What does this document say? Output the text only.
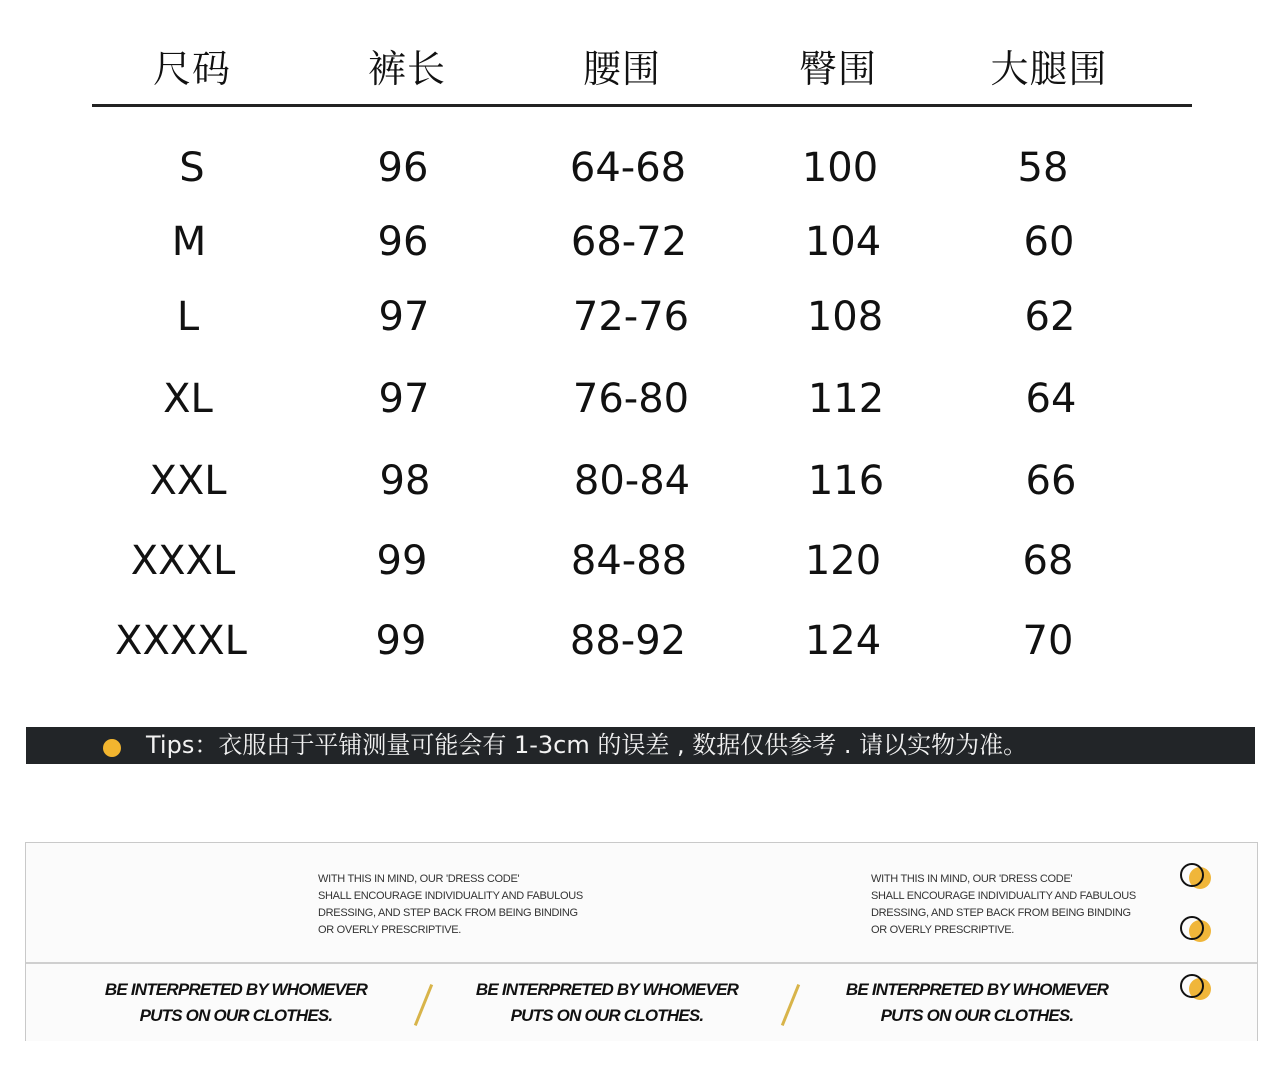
尺码	裤长	腰围	臀围	大腿围
S	96	64-68	100	58
M	96	68-72	104	60
L	97	72-76	108	62
XL	97	76-80	112	64
XXL	98	80-84	116	66
XXXL	99	84-88	120	68
XXXXL	99	88-92	124	70
Tips：衣服由于平铺测量可能会有 1-3cm 的误差 , 数据仅供参考 . 请以实物为准。
WITH THIS IN MIND, OUR 'DRESS CODE'
SHALL ENCOURAGE INDIVIDUALITY AND FABULOUS
DRESSING, AND STEP BACK FROM BEING BINDING
OR OVERLY PRESCRIPTIVE.
WITH THIS IN MIND, OUR 'DRESS CODE'
SHALL ENCOURAGE INDIVIDUALITY AND FABULOUS
DRESSING, AND STEP BACK FROM BEING BINDING
OR OVERLY PRESCRIPTIVE.
BE INTERPRETED BY WHOMEVER
PUTS ON OUR CLOTHES.
BE INTERPRETED BY WHOMEVER
PUTS ON OUR CLOTHES.
BE INTERPRETED BY WHOMEVER
PUTS ON OUR CLOTHES.
